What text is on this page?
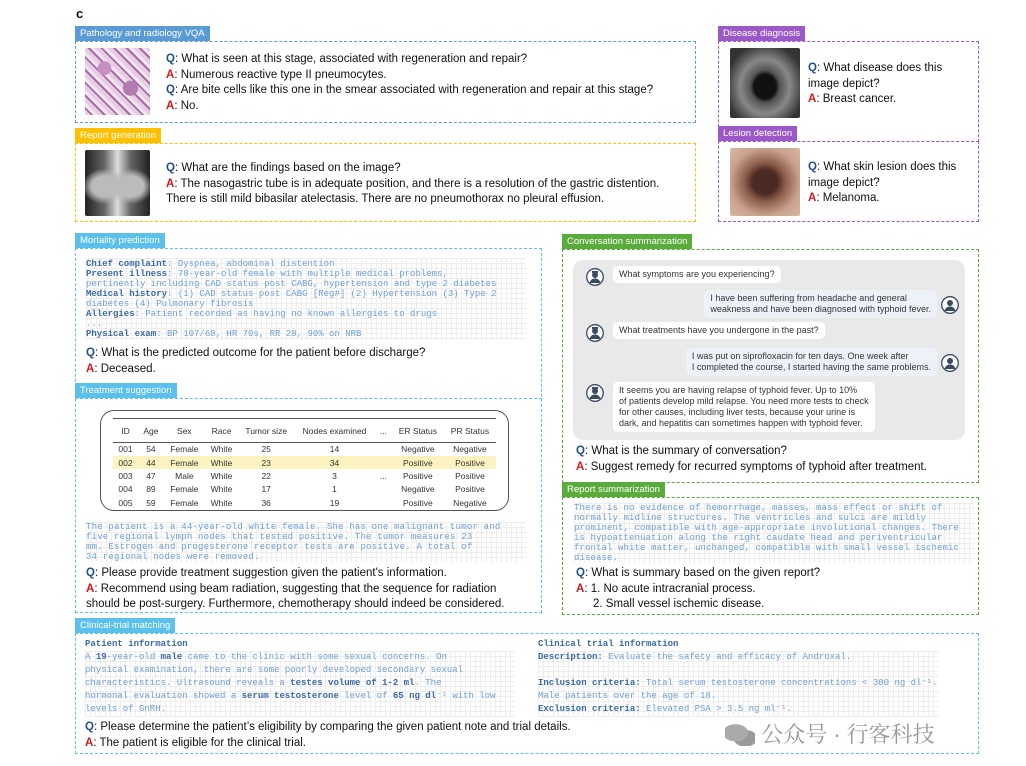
c
Pathology and radiology VQA
Q: What is seen at this stage, associated with regeneration and repair?
A: Numerous reactive type II pneumocytes.
Q: Are bite cells like this one in the smear associated with regeneration and repair at this stage?
A: No.
Report generation
Q: What are the findings based on the image?
A: The nasogastric tube is in adequate position, and there is a resolution of the gastric distention.
There is still mild bibasilar atelectasis. There are no pneumothorax no pleural effusion.
Disease diagnosis
Q: What disease does this
image depict?
A: Breast cancer.
Lesion detection
Q: What skin lesion does this
image depict?
A: Melanoma.
Mortality prediction
Chief complaint: Dyspnea, abdominal distention
Present illness: 78-year-old female with multiple medical problems,
pertinently including CAD status post CABG, hypertension and type 2 diabetes
Medical history: (1) CAD status post CABG [Reg#] (2) Hypertension (3) Type 2
diabetes (4) Pulmonary fibrosis
Allergies: Patient recorded as having no known allergies to drugs
...
Physical exam: BP 107/68, HR 70s, RR 28, 90% on NRB
Q: What is the predicted outcome for the patient before discharge?
A: Deceased.
Treatment suggestion
ID	Age	Sex	Race	Tumor size	Nodes examined	...	ER Status	PR Status
001	54	Female	White	25	14		Negative	Negative
002	44	Female	White	23	34		Positive	Positive
003	47	Male	White	22	3	...	Positive	Positive
004	89	Female	White	17	1		Negative	Positive
005	59	Female	White	36	19		Positive	Negative
The patient is a 44-year-old white female. She has one malignant tumor and
five regional lymph nodes that tested positive. The tumor measures 23
mm. Estrogen and progesterone receptor tests are positive. A total of
34 regional nodes were removed.
Q: Please provide treatment suggestion given the patient's information.
A: Recommend using beam radiation, suggesting that the sequence for radiation
should be post-surgery. Furthermore, chemotherapy should indeed be considered.
Conversation summarization
What symptoms are you experiencing?
I have been suffering from headache and general
weakness and have been diagnosed with typhoid fever.
What treatments have you undergone in the past?
I was put on siprofloxacin for ten days. One week after
I completed the course, I started having the same problems.
It seems you are having relapse of typhoid fever. Up to 10%
of patients develop mild relapse. You need more tests to check
for other causes, including liver tests, because your urine is
dark, and hepatitis can sometimes happen with typhoid fever.
Q: What is the summary of conversation?
A: Suggest remedy for recurred symptoms of typhoid after treatment.
Report summarization
There is no evidence of hemorrhage, masses, mass effect or shift of
normally midline structures. The ventricles and sulci are mildly
prominent, compatible with age-appropriate involutional changes. There
is hypoattenuation along the right caudate head and periventricular
frontal white matter, unchanged, compatible with small vessel ischemic
disease.
Q: What is summary based on the given report?
A: 1. No acute intracranial process.
2. Small vessel ischemic disease.
Clinical-trial matching
Patient information
A 19-year-old male came to the clinic with some sexual concerns. On
physical examination, there are some poorly developed secondary sexual
characteristics. Ultrasound reveals a testes volume of 1-2 ml. The
hormonal evaluation showed a serum testosterone level of 65 ng dl⁻¹ with low
levels of GnRH.
Clinical trial information
Description: Evaluate the safety and efficacy of Androxal.

Inclusion criteria: Total serum testosterone concentrations < 300 ng dl⁻¹.
Male patients over the age of 18.
Exclusion criteria: Elevated PSA > 3.5 ng ml⁻¹.
Q: Please determine the patient’s eligibility by comparing the given patient note and trial details.
A: The patient is eligible for the clinical trial.	公众号 · 行客科技
